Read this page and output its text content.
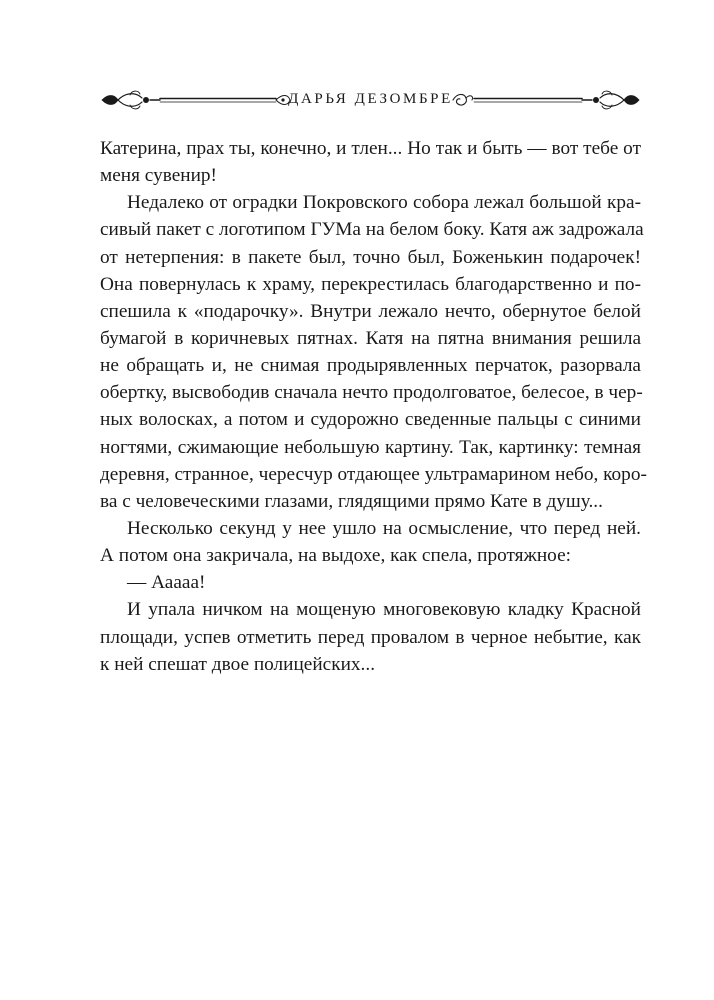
ДАРЬЯ ДЕЗОМБРЕ
Катерина, прах ты, конечно, и тлен... Но так и быть — вот тебе от
меня сувенир!
Недалеко от оградки Покровского собора лежал большой кра-
сивый пакет с логотипом ГУМа на белом боку. Катя аж задрожала
от нетерпения: в пакете был, точно был, Боженькин подарочек!
Она повернулась к храму, перекрестилась благодарственно и по-
спешила к «подарочку». Внутри лежало нечто, обернутое белой
бумагой в коричневых пятнах. Катя на пятна внимания решила
не обращать и, не снимая продырявленных перчаток, разорвала
обертку, высвободив сначала нечто продолговатое, белесое, в чер-
ных волосках, а потом и судорожно сведенные пальцы с синими
ногтями, сжимающие небольшую картину. Так, картинку: темная
деревня, странное, чересчур отдающее ультрамарином небо, коро-
ва с человеческими глазами, глядящими прямо Кате в душу...
Несколько секунд у нее ушло на осмысление, что перед ней.
А потом она закричала, на выдохе, как спела, протяжное:
— Ааааа!
И упала ничком на мощеную многовековую кладку Красной
площади, успев отметить перед провалом в черное небытие, как
к ней спешат двое полицейских...
